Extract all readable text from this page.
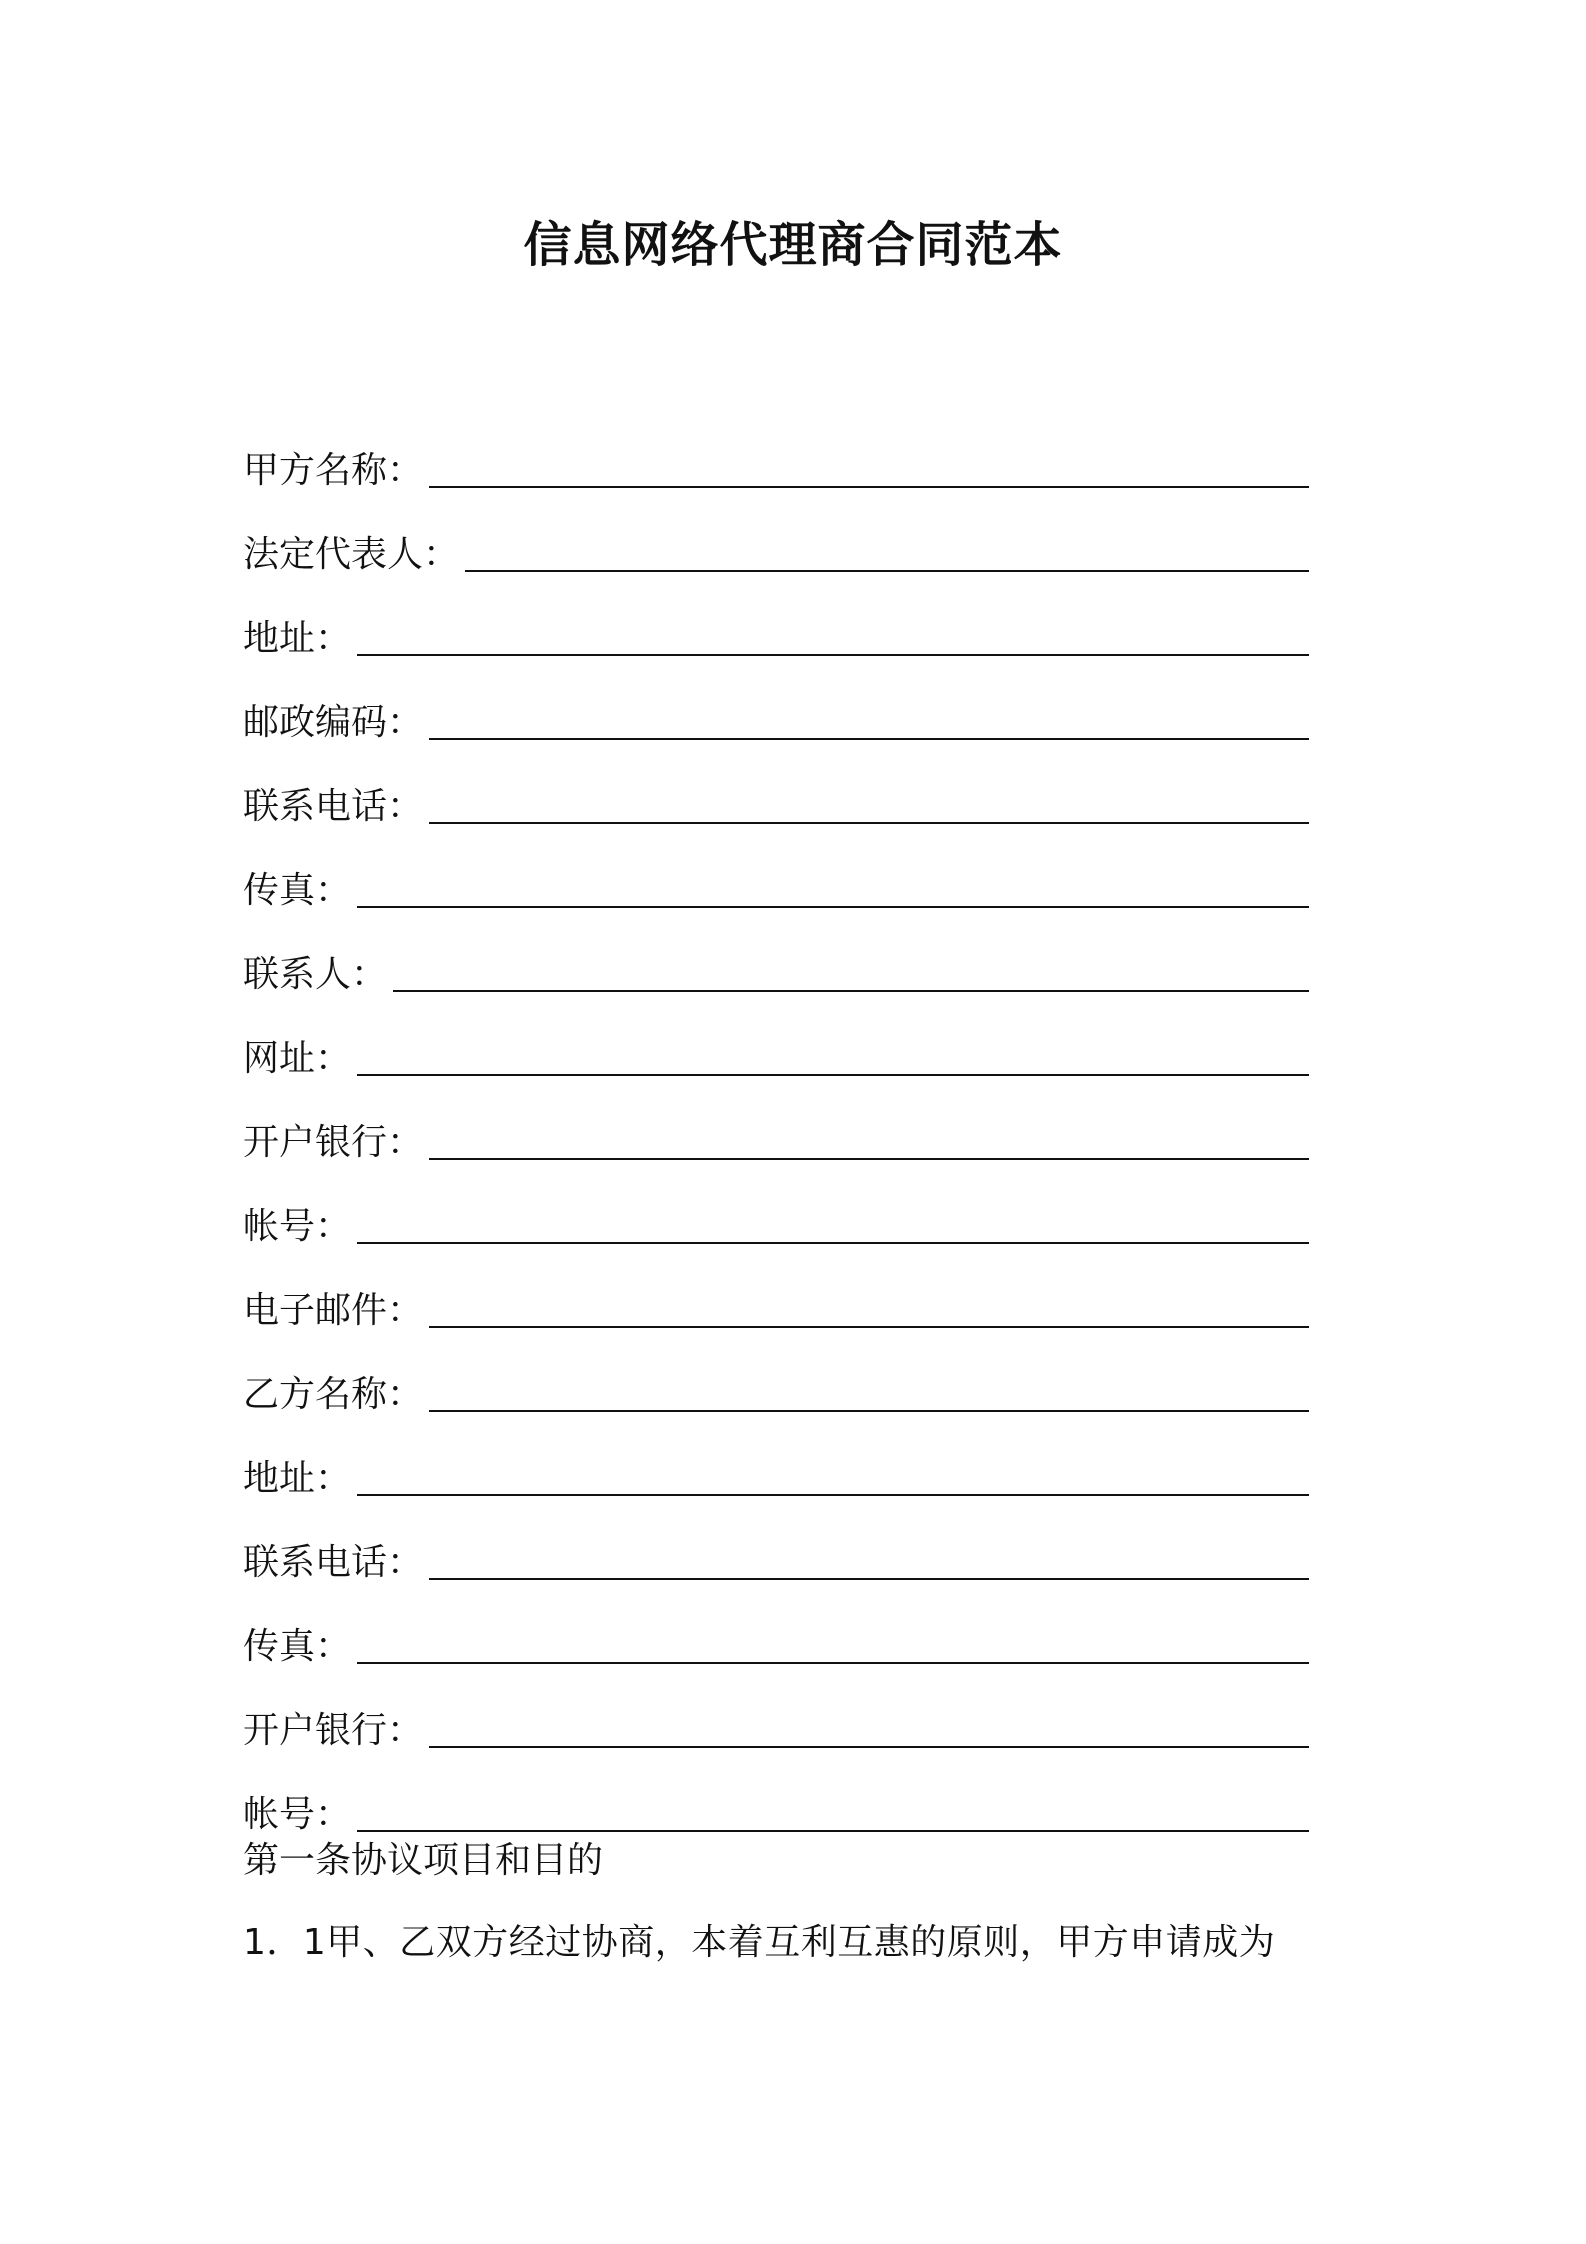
信息网络代理商合同范本
甲方名称：
法定代表人：
地址：
邮政编码：
联系电话：
传真：
联系人：
网址：
开户银行：
帐号：
电子邮件：
乙方名称：
地址：
联系电话：
传真：
开户银行：
帐号：
第一条协议项目和目的
1．1甲、乙双方经过协商，本着互利互惠的原则，甲方申请成为
